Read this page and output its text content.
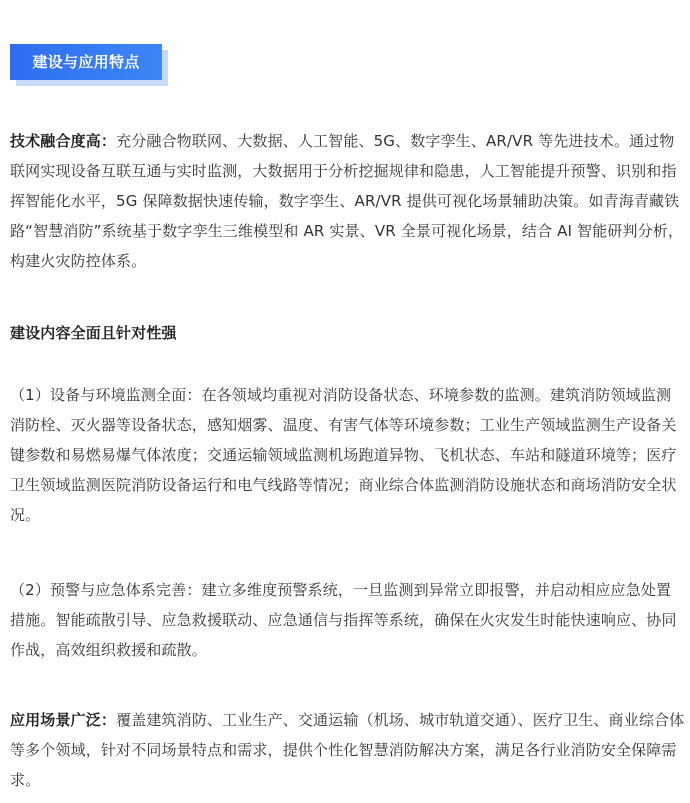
建设与应用特点

技术融合度高：充分融合物联网、大数据、人工智能、5G、数字孪生、AR/VR 等先进技术。通过物联网实现设备互联互通与实时监测，大数据用于分析挖掘规律和隐患，人工智能提升预警、识别和指挥智能化水平，5G 保障数据快速传输，数字孪生、AR/VR 提供可视化场景辅助决策。如青海青藏铁路“智慧消防”系统基于数字孪生三维模型和 AR 实景、VR 全景可视化场景，结合 AI 智能研判分析，构建火灾防控体系。

建设内容全面且针对性强

（1）设备与环境监测全面：在各领域均重视对消防设备状态、环境参数的监测。建筑消防领域监测消防栓、灭火器等设备状态，感知烟雾、温度、有害气体等环境参数；工业生产领域监测生产设备关键参数和易燃易爆气体浓度；交通运输领域监测机场跑道异物、飞机状态、车站和隧道环境等；医疗卫生领域监测医院消防设备运行和电气线路等情况；商业综合体监测消防设施状态和商场消防安全状况。

（2）预警与应急体系完善：建立多维度预警系统，一旦监测到异常立即报警，并启动相应应急处置措施。智能疏散引导、应急救援联动、应急通信与指挥等系统，确保在火灾发生时能快速响应、协同作战，高效组织救援和疏散。

应用场景广泛：覆盖建筑消防、工业生产、交通运输（机场、城市轨道交通）、医疗卫生、商业综合体等多个领域，针对不同场景特点和需求，提供个性化智慧消防解决方案，满足各行业消防安全保障需求。
